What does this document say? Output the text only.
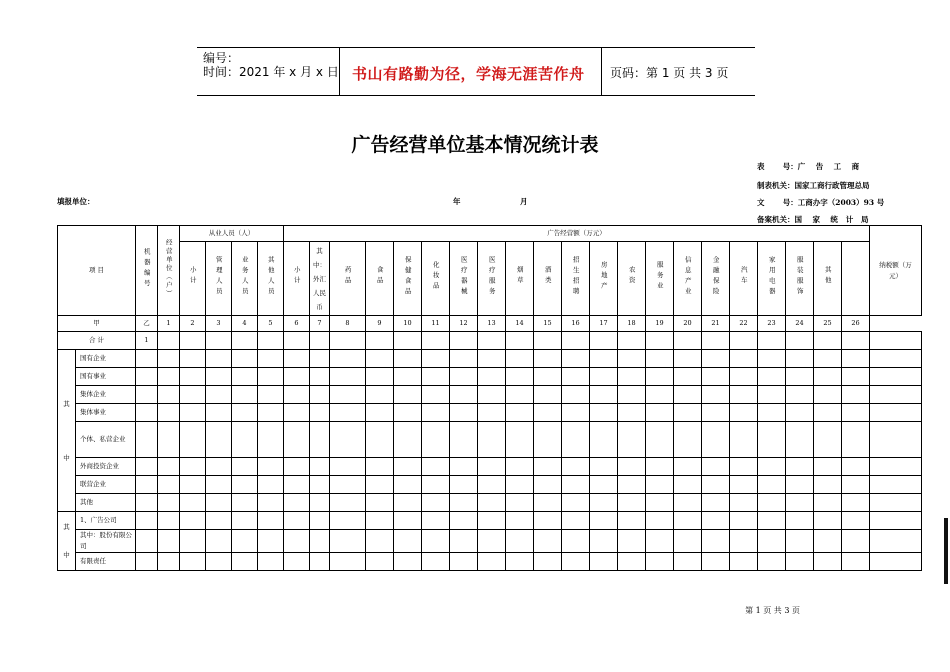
编号：
时间：2021 年 x 月 x 日 书山有路勤为径，学海无涯苦作舟 页码：第 1 页 共 3 页
广告经营单位基本情况统计表
表       号：广    告    工    商
制表机关：国家工商行政管理总局
文       号：工商办字（2003）93 号
备案机关：国    家    统   计   局
填报单位：	年	月
项 目		机器编号	经营单位（户）	从业人员（人）				广告经营额（万元）																					纳税额（万元）
				小计	管理人员	业务人员	其他人员	小计	其中：外汇人民币	药品	食品	保健食品	化妆品	医疗器械	医疗服务	烟草	酒类	招生招聘	房地产	农资	服务业	信息产业	金融保险	汽车	家用电器	服装服饰	其他		
甲		乙	1	2	3	4	5	6	7	8	9	10	11	12	13	14	15	16	17	18	19	20	21	22	23	24	25	26	
合 计		1																											

其
中	国有企业																												
	国有事业																												
	集体企业																												
	集体事业																												
	个体、私营企业																												
	外商投资企业																												
	联营企业																												
	其他																												

其
中	1、广告公司																												
	其中：股份有限公司																												
	有限责任																												
第 1 页 共 3 页
